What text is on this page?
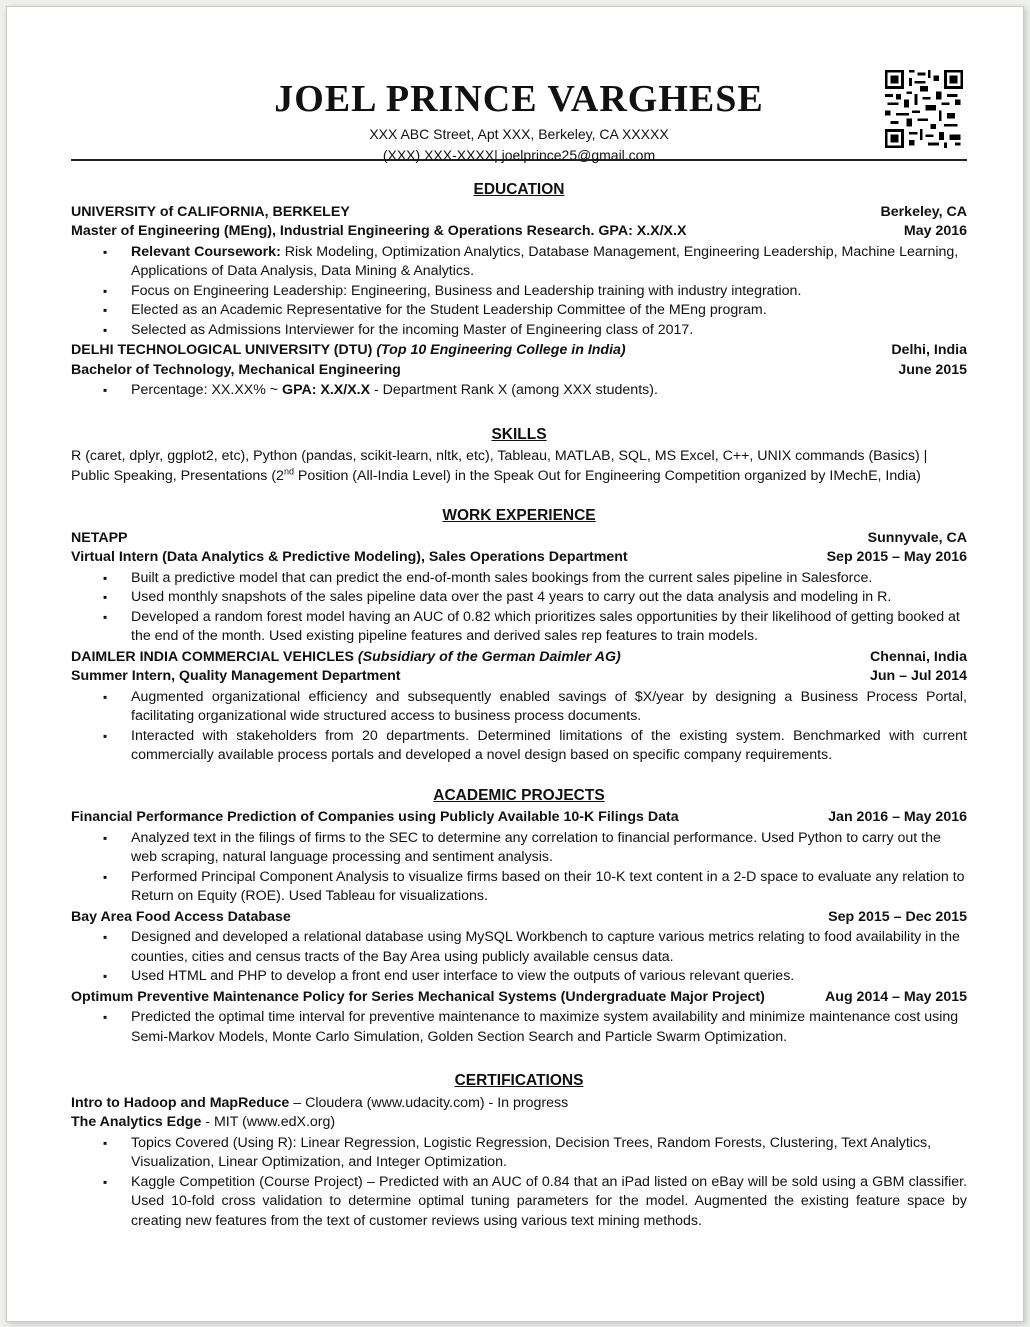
JOEL PRINCE VARGHESE
XXX ABC Street, Apt XXX, Berkeley, CA XXXXX
(XXX) XXX-XXXX| joelprince25@gmail.com
EDUCATION
UNIVERSITY of CALIFORNIA, BERKELEY	Berkeley, CA
Master of Engineering (MEng), Industrial Engineering & Operations Research. GPA: X.X/X.X	May 2016
▪ Relevant Coursework: Risk Modeling, Optimization Analytics, Database Management, Engineering Leadership, Machine Learning, Applications of Data Analysis, Data Mining & Analytics.
▪ Focus on Engineering Leadership: Engineering, Business and Leadership training with industry integration.
▪ Elected as an Academic Representative for the Student Leadership Committee of the MEng program.
▪ Selected as Admissions Interviewer for the incoming Master of Engineering class of 2017.
DELHI TECHNOLOGICAL UNIVERSITY (DTU) (Top 10 Engineering College in India)	Delhi, India
Bachelor of Technology, Mechanical Engineering	June 2015
▪ Percentage: XX.XX% ~ GPA: X.X/X.X - Department Rank X (among XXX students).
SKILLS

R (caret, dplyr, ggplot2, etc), Python (pandas, scikit-learn, nltk, etc), Tableau, MATLAB, SQL, MS Excel, C++, UNIX commands (Basics) |

Public Speaking, Presentations (2nd Position (All-India Level) in the Speak Out for Engineering Competition organized by IMechE, India)

WORK EXPERIENCE
NETAPP	Sunnyvale, CA
Virtual Intern (Data Analytics & Predictive Modeling), Sales Operations Department	Sep 2015 – May 2016
▪ Built a predictive model that can predict the end-of-month sales bookings from the current sales pipeline in Salesforce.
▪ Used monthly snapshots of the sales pipeline data over the past 4 years to carry out the data analysis and modeling in R.
▪ Developed a random forest model having an AUC of 0.82 which prioritizes sales opportunities by their likelihood of getting booked at the end of the month. Used existing pipeline features and derived sales rep features to train models.
DAIMLER INDIA COMMERCIAL VEHICLES (Subsidiary of the German Daimler AG)	Chennai, India
Summer Intern, Quality Management Department	Jun – Jul 2014
▪ Augmented organizational efficiency and subsequently enabled savings of $X/year by designing a Business Process Portal, facilitating organizational wide structured access to business process documents.
▪ Interacted with stakeholders from 20 departments. Determined limitations of the existing system. Benchmarked with current commercially available process portals and developed a novel design based on specific company requirements.
ACADEMIC PROJECTS
Financial Performance Prediction of Companies using Publicly Available 10-K Filings Data	Jan 2016 – May 2016
▪ Analyzed text in the filings of firms to the SEC to determine any correlation to financial performance. Used Python to carry out the web scraping, natural language processing and sentiment analysis.
▪ Performed Principal Component Analysis to visualize firms based on their 10-K text content in a 2-D space to evaluate any relation to Return on Equity (ROE). Used Tableau for visualizations.
Bay Area Food Access Database	Sep 2015 – Dec 2015
▪ Designed and developed a relational database using MySQL Workbench to capture various metrics relating to food availability in the counties, cities and census tracts of the Bay Area using publicly available census data.
▪ Used HTML and PHP to develop a front end user interface to view the outputs of various relevant queries.
Optimum Preventive Maintenance Policy for Series Mechanical Systems (Undergraduate Major Project)	Aug 2014 – May 2015
▪ Predicted the optimal time interval for preventive maintenance to maximize system availability and minimize maintenance cost using Semi-Markov Models, Monte Carlo Simulation, Golden Section Search and Particle Swarm Optimization.
CERTIFICATIONS

Intro to Hadoop and MapReduce – Cloudera (www.udacity.com) - In progress

The Analytics Edge - MIT (www.edX.org)

▪ Topics Covered (Using R): Linear Regression, Logistic Regression, Decision Trees, Random Forests, Clustering, Text Analytics, Visualization, Linear Optimization, and Integer Optimization.
▪ Kaggle Competition (Course Project) – Predicted with an AUC of 0.84 that an iPad listed on eBay will be sold using a GBM classifier. Used 10-fold cross validation to determine optimal tuning parameters for the model. Augmented the existing feature space by creating new features from the text of customer reviews using various text mining methods.
